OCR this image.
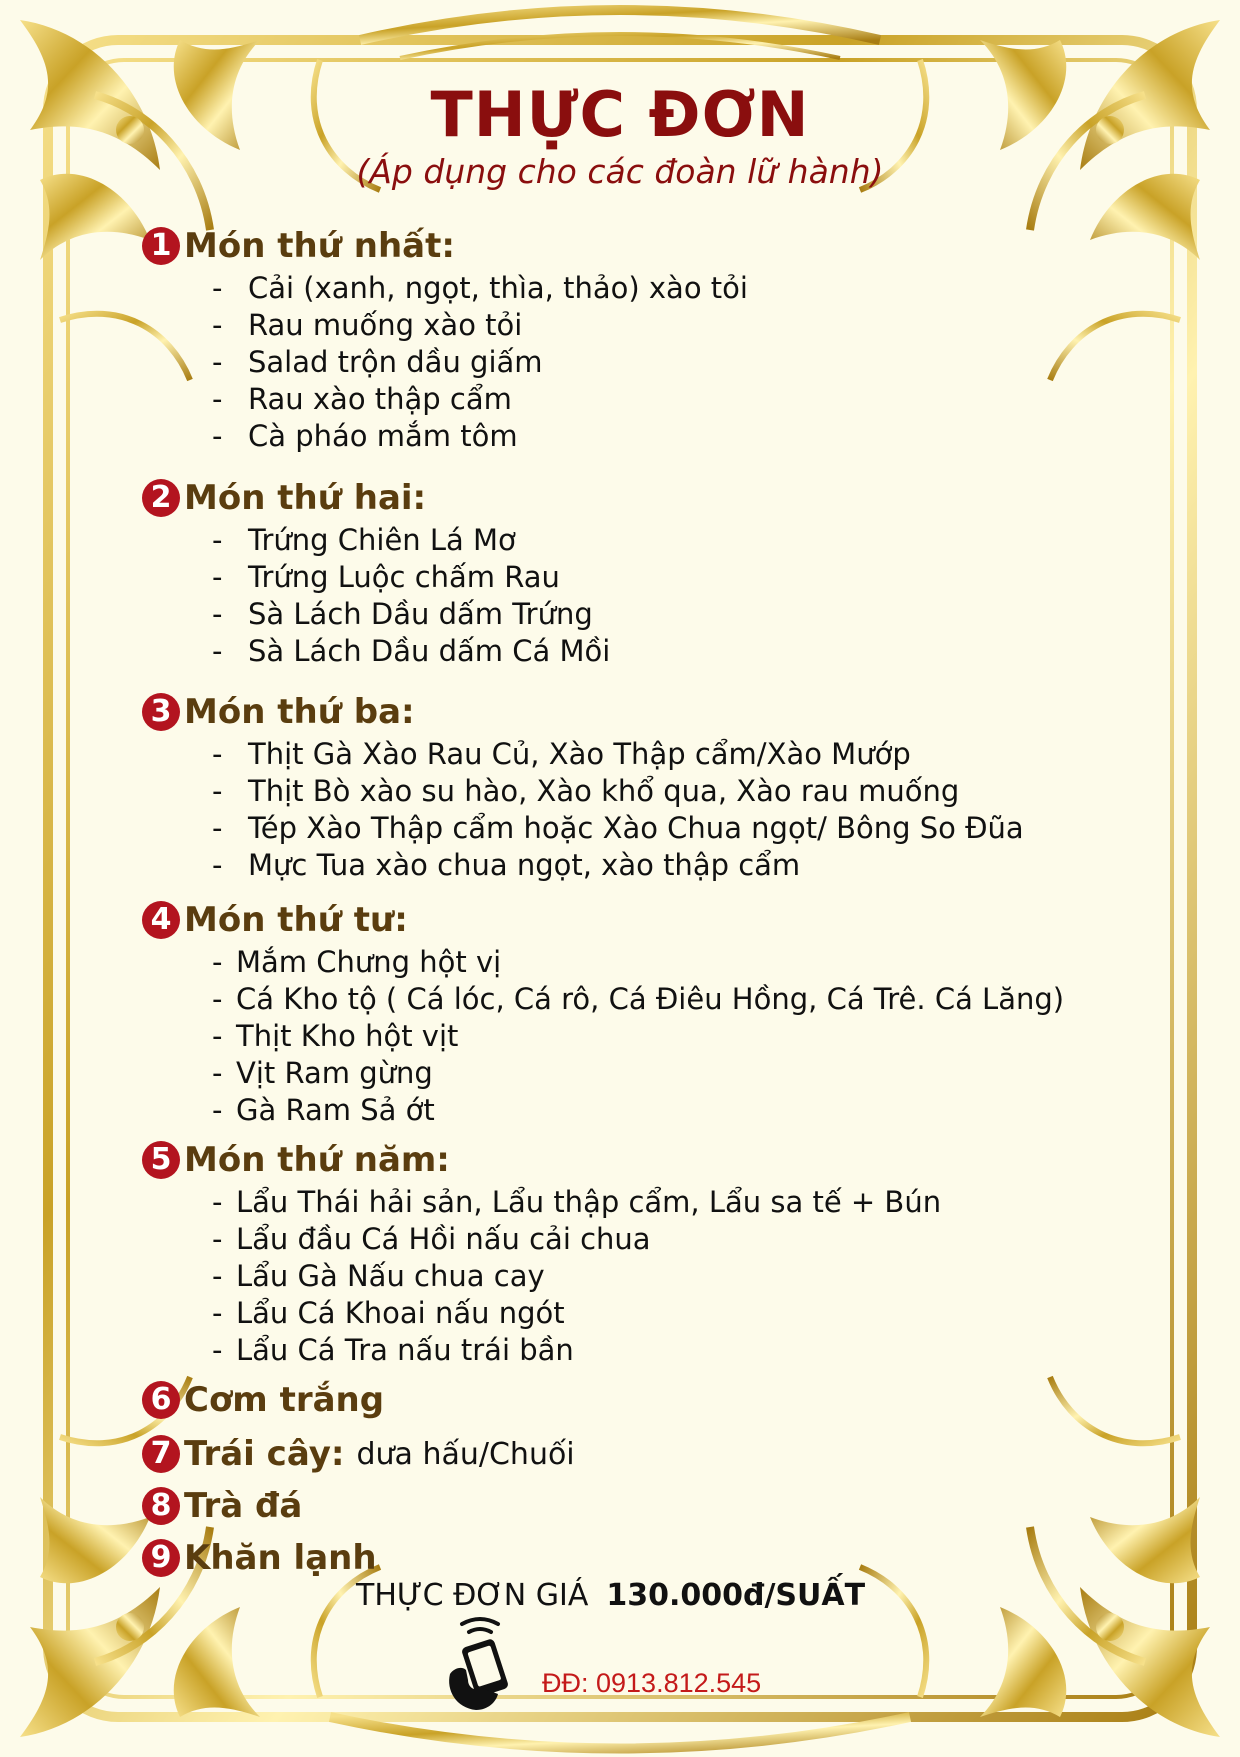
THỰC ĐƠN
(Áp dụng cho các đoàn lữ hành)
1 Món thứ nhất:
- Cải (xanh, ngọt, thìa, thảo) xào tỏi
- Rau muống xào tỏi
- Salad trộn dầu giấm
- Rau xào thập cẩm
- Cà pháo mắm tôm
2 Món thứ hai:
- Trứng Chiên Lá Mơ
- Trứng Luộc chấm Rau
- Sà Lách Dầu dấm Trứng
- Sà Lách Dầu dấm Cá Mồi
3 Món thứ ba:
- Thịt Gà Xào Rau Củ, Xào Thập cẩm/Xào Mướp
- Thịt Bò xào su hào, Xào khổ qua, Xào rau muống
- Tép Xào Thập cẩm hoặc Xào Chua ngọt/ Bông So Đũa
- Mực Tua xào chua ngọt, xào thập cẩm
4 Món thứ tư:
- Mắm Chưng hột vị
- Cá Kho tộ ( Cá lóc, Cá rô, Cá Điêu Hồng, Cá Trê. Cá Lăng)
- Thịt Kho hột vịt
- Vịt Ram gừng
- Gà Ram Sả ớt
5 Món thứ năm:
- Lẩu Thái hải sản, Lẩu thập cẩm, Lẩu sa tế + Bún
- Lẩu đầu Cá Hồi nấu cải chua
- Lẩu Gà Nấu chua cay
- Lẩu Cá Khoai nấu ngót
- Lẩu Cá Tra nấu trái bần
6 Cơm trắng
7 Trái cây: dưa hấu/Chuối
8 Trà đá
9 Khăn lạnh
THỰC ĐƠN GIÁ 130.000đ/SUẤT
ĐĐ: 0913.812.545
